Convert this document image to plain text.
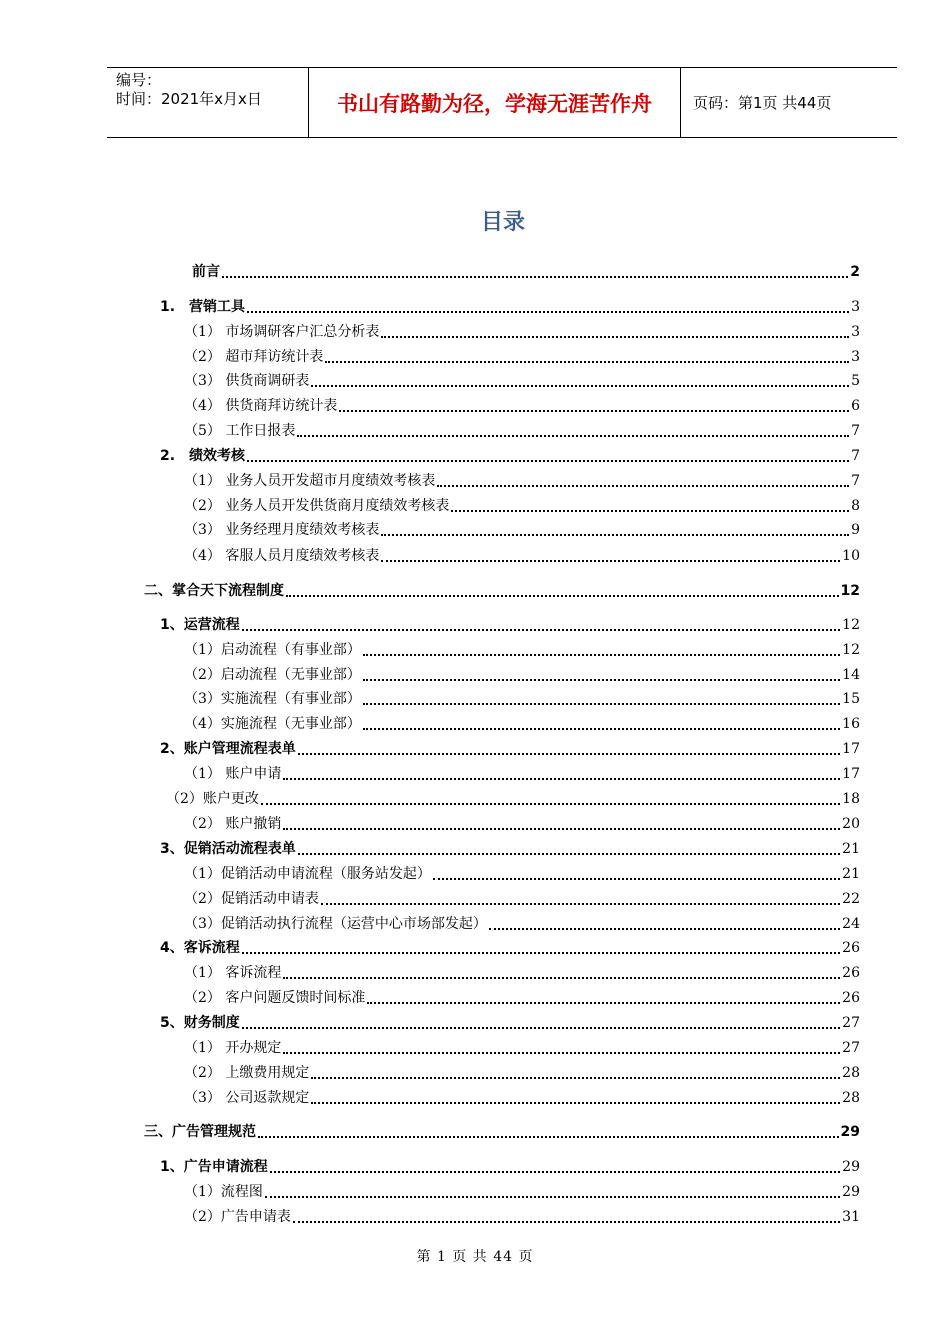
编号：
时间：2021年x月x日	书山有路勤为径，学海无涯苦作舟	页码：第1页 共44页
目录
前言	2
1.　营销工具	3
（1） 市场调研客户汇总分析表	3
（2） 超市拜访统计表	3
（3） 供货商调研表	5
（4） 供货商拜访统计表	6
（5） 工作日报表	7
2.　绩效考核	7
（1） 业务人员开发超市月度绩效考核表	7
（2） 业务人员开发供货商月度绩效考核表	8
（3） 业务经理月度绩效考核表	9
（4） 客服人员月度绩效考核表	10
二、掌合天下流程制度	12
1、运营流程	12
（1）启动流程（有事业部）	12
（2）启动流程（无事业部）	14
（3）实施流程（有事业部）	15
（4）实施流程（无事业部）	16
2、账户管理流程表单	17
（1） 账户申请	17
（2）账户更改	18
（2） 账户撤销	20
3、促销活动流程表单	21
（1）促销活动申请流程（服务站发起）	21
（2）促销活动申请表	22
（3）促销活动执行流程（运营中心市场部发起）	24
4、客诉流程	26
（1） 客诉流程	26
（2） 客户问题反馈时间标准	26
5、财务制度	27
（1） 开办规定	27
（2） 上缴费用规定	28
（3） 公司返款规定	28
三、广告管理规范	29
1、广告申请流程	29
（1）流程图	29
（2）广告申请表	31
第 1 页 共 44 页
